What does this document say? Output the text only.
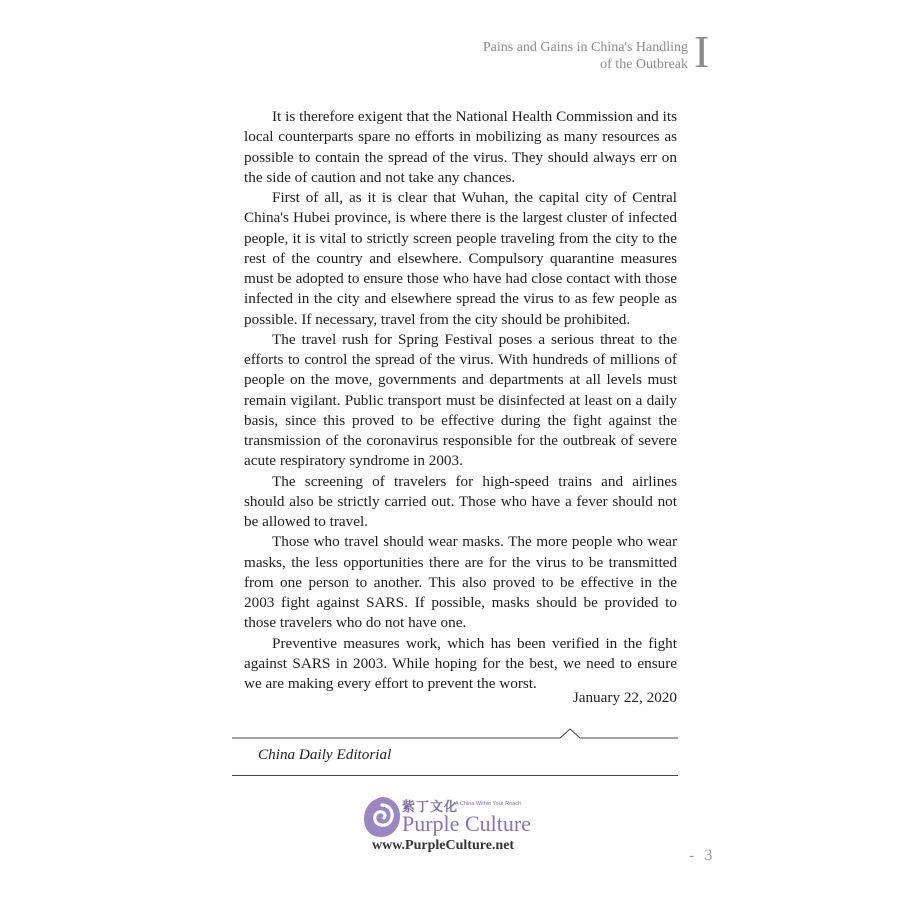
Pains and Gains in China's Handling
of the Outbreak I

It is therefore exigent that the National Health Commission and its local counterparts spare no efforts in mobilizing as many resources as possible to contain the spread of the virus. They should always err on the side of caution and not take any chances.

First of all, as it is clear that Wuhan, the capital city of Central China's Hubei province, is where there is the largest cluster of infected people, it is vital to strictly screen people traveling from the city to the rest of the country and elsewhere. Compulsory quarantine measures must be adopted to ensure those who have had close contact with those infected in the city and elsewhere spread the virus to as few people as possible. If necessary, travel from the city should be prohibited.

The travel rush for Spring Festival poses a serious threat to the efforts to control the spread of the virus. With hundreds of millions of people on the move, governments and departments at all levels must remain vigilant. Public transport must be disinfected at least on a daily basis, since this proved to be effective during the fight against the transmission of the coronavirus responsible for the outbreak of severe acute respiratory syndrome in 2003.

The screening of travelers for high-speed trains and airlines should also be strictly carried out. Those who have a fever should not be allowed to travel.

Those who travel should wear masks. The more people who wear masks, the less opportunities there are for the virus to be transmitted from one person to another. This also proved to be effective in the 2003 fight against SARS. If possible, masks should be provided to those travelers who do not have one.

Preventive measures work, which has been verified in the fight against SARS in 2003. While hoping for the best, we need to ensure we are making every effort to prevent the worst.

January 22, 2020
China Daily Editorial
紫丁文化
A China Within Your Reach
Purple Culture
www.PurpleCulture.net
- 3
